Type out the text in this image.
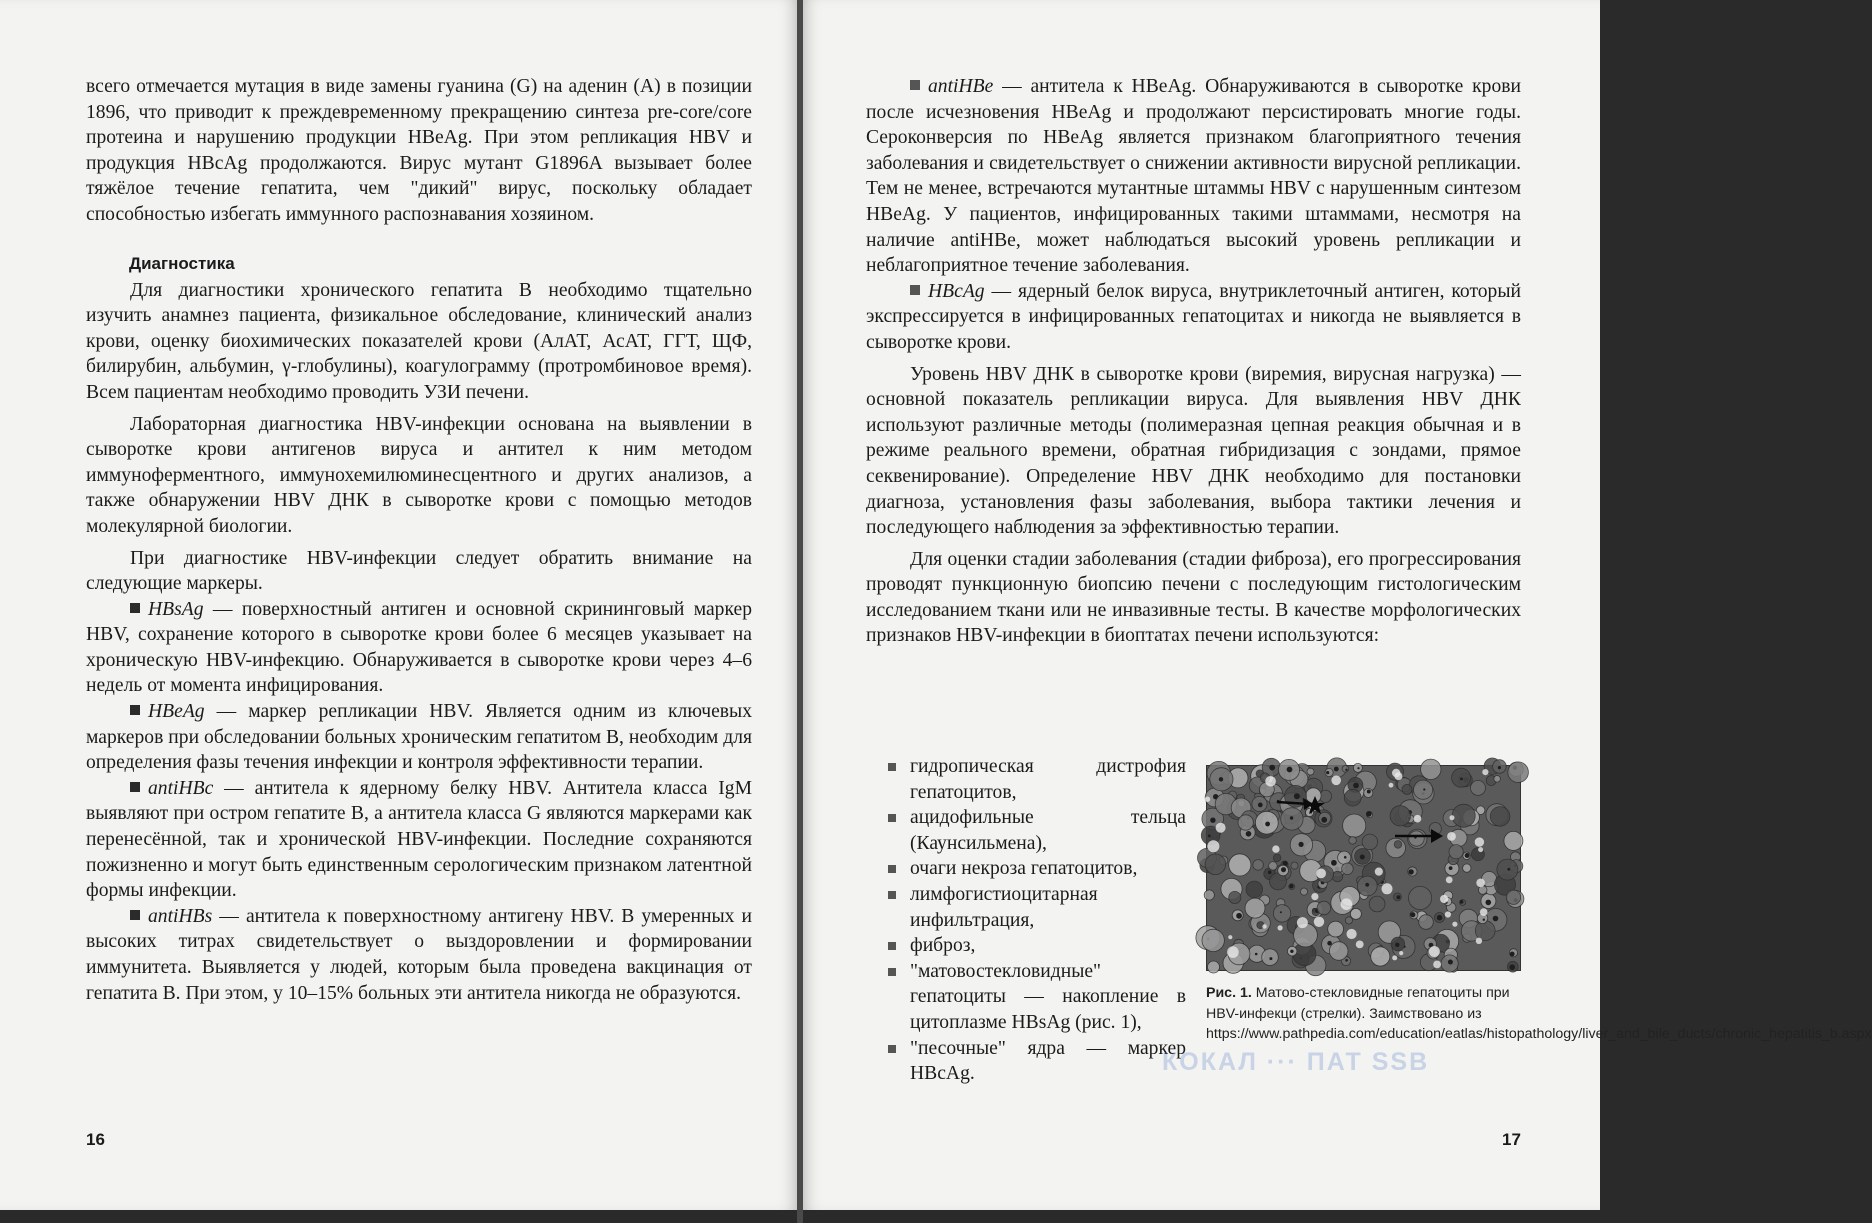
всего отмечается мутация в виде замены гуанина (G) на аденин (A) в позиции 1896, что приводит к преждевременному прекращению синтеза pre-core/core протеина и нарушению продукции HBeAg. При этом репликация HBV и продукция HBcAg продолжаются. Вирус мутант G1896A вызывает более тяжёлое течение гепатита, чем "дикий" вирус, поскольку обладает способностью избегать иммунного распознавания хозяином.

Диагностика

Для диагностики хронического гепатита В необходимо тщательно изучить анамнез пациента, физикальное обследование, клинический анализ крови, оценку биохимических показателей крови (АлАТ, АсАТ, ГГТ, ЩФ, билирубин, альбумин, γ-глобулины), коагулограмму (протромбиновое время). Всем пациентам необходимо проводить УЗИ печени.

Лабораторная диагностика HBV-инфекции основана на выявлении в сыворотке крови антигенов вируса и антител к ним методом иммуноферментного, иммунохемилюминесцентного и других анализов, а также обнаружении HBV ДНК в сыворотке крови с помощью методов молекулярной биологии.

При диагностике HBV-инфекции следует обратить внимание на следующие маркеры.

HBsAg — поверхностный антиген и основной скрининговый маркер HBV, сохранение которого в сыворотке крови более 6 месяцев указывает на хроническую HBV-инфекцию. Обнаруживается в сыворотке крови через 4–6 недель от момента инфицирования.

HBeAg — маркер репликации HBV. Является одним из ключевых маркеров при обследовании больных хроническим гепатитом В, необходим для определения фазы течения инфекции и контроля эффективности терапии.

antiHBc — антитела к ядерному белку HBV. Антитела класса IgM выявляют при остром гепатите В, а антитела класса G являются маркерами как перенесённой, так и хронической HBV-инфекции. Последние сохраняются пожизненно и могут быть единственным серологическим признаком латентной формы инфекции.

antiHBs — антитела к поверхностному антигену HBV. В умеренных и высоких титрах свидетельствует о выздоровлении и формировании иммунитета. Выявляется у людей, которым была проведена вакцинация от гепатита В. При этом, у 10–15% больных эти антитела никогда не образуются.

16

antiHBe — антитела к HBeAg. Обнаруживаются в сыворотке крови после исчезновения HBeAg и продолжают персистировать многие годы. Сероконверсия по HBeAg является признаком благоприятного течения заболевания и свидетельствует о снижении активности вирусной репликации. Тем не менее, встречаются мутантные штаммы HBV с нарушенным синтезом HBeAg. У пациентов, инфицированных такими штаммами, несмотря на наличие antiHBe, может наблюдаться высокий уровень репликации и неблагоприятное течение заболевания.

HBcAg — ядерный белок вируса, внутриклеточный антиген, который экспрессируется в инфицированных гепатоцитах и никогда не выявляется в сыворотке крови.

Уровень HBV ДНК в сыворотке крови (виремия, вирусная нагрузка) — основной показатель репликации вируса. Для выявления HBV ДНК используют различные методы (полимеразная цепная реакция обычная и в режиме реального времени, обратная гибридизация с зондами, прямое секвенирование). Определение HBV ДНК необходимо для постановки диагноза, установления фазы заболевания, выбора тактики лечения и последующего наблюдения за эффективностью терапии.

Для оценки стадии заболевания (стадии фиброза), его прогрессирования проводят пункционную биопсию печени с последующим гистологическим исследованием ткани или не инвазивные тесты. В качестве морфологических признаков HBV-инфекции в биоптатах печени используются:

гидропическая дистрофия гепатоцитов,
ацидофильные тельца (Каунсильмена),
очаги некроза гепатоцитов,
лимфогистиоцитарная инфильтрация,
фиброз,
"матовостекловидные" гепатоциты — накопление в цитоплазме HBsAg (рис. 1),
"песочные" ядра — маркер HBcAg.
Рис. 1. Матово-стекловидные гепатоциты при HBV-инфекци (стрелки). Заимствовано из https://www.pathpedia.com/education/eatlas/histopathology/liver_and_bile_ducts/chronic_hepatitis_b.aspx
КОКАЛ ··· ПАТ SSB
17
